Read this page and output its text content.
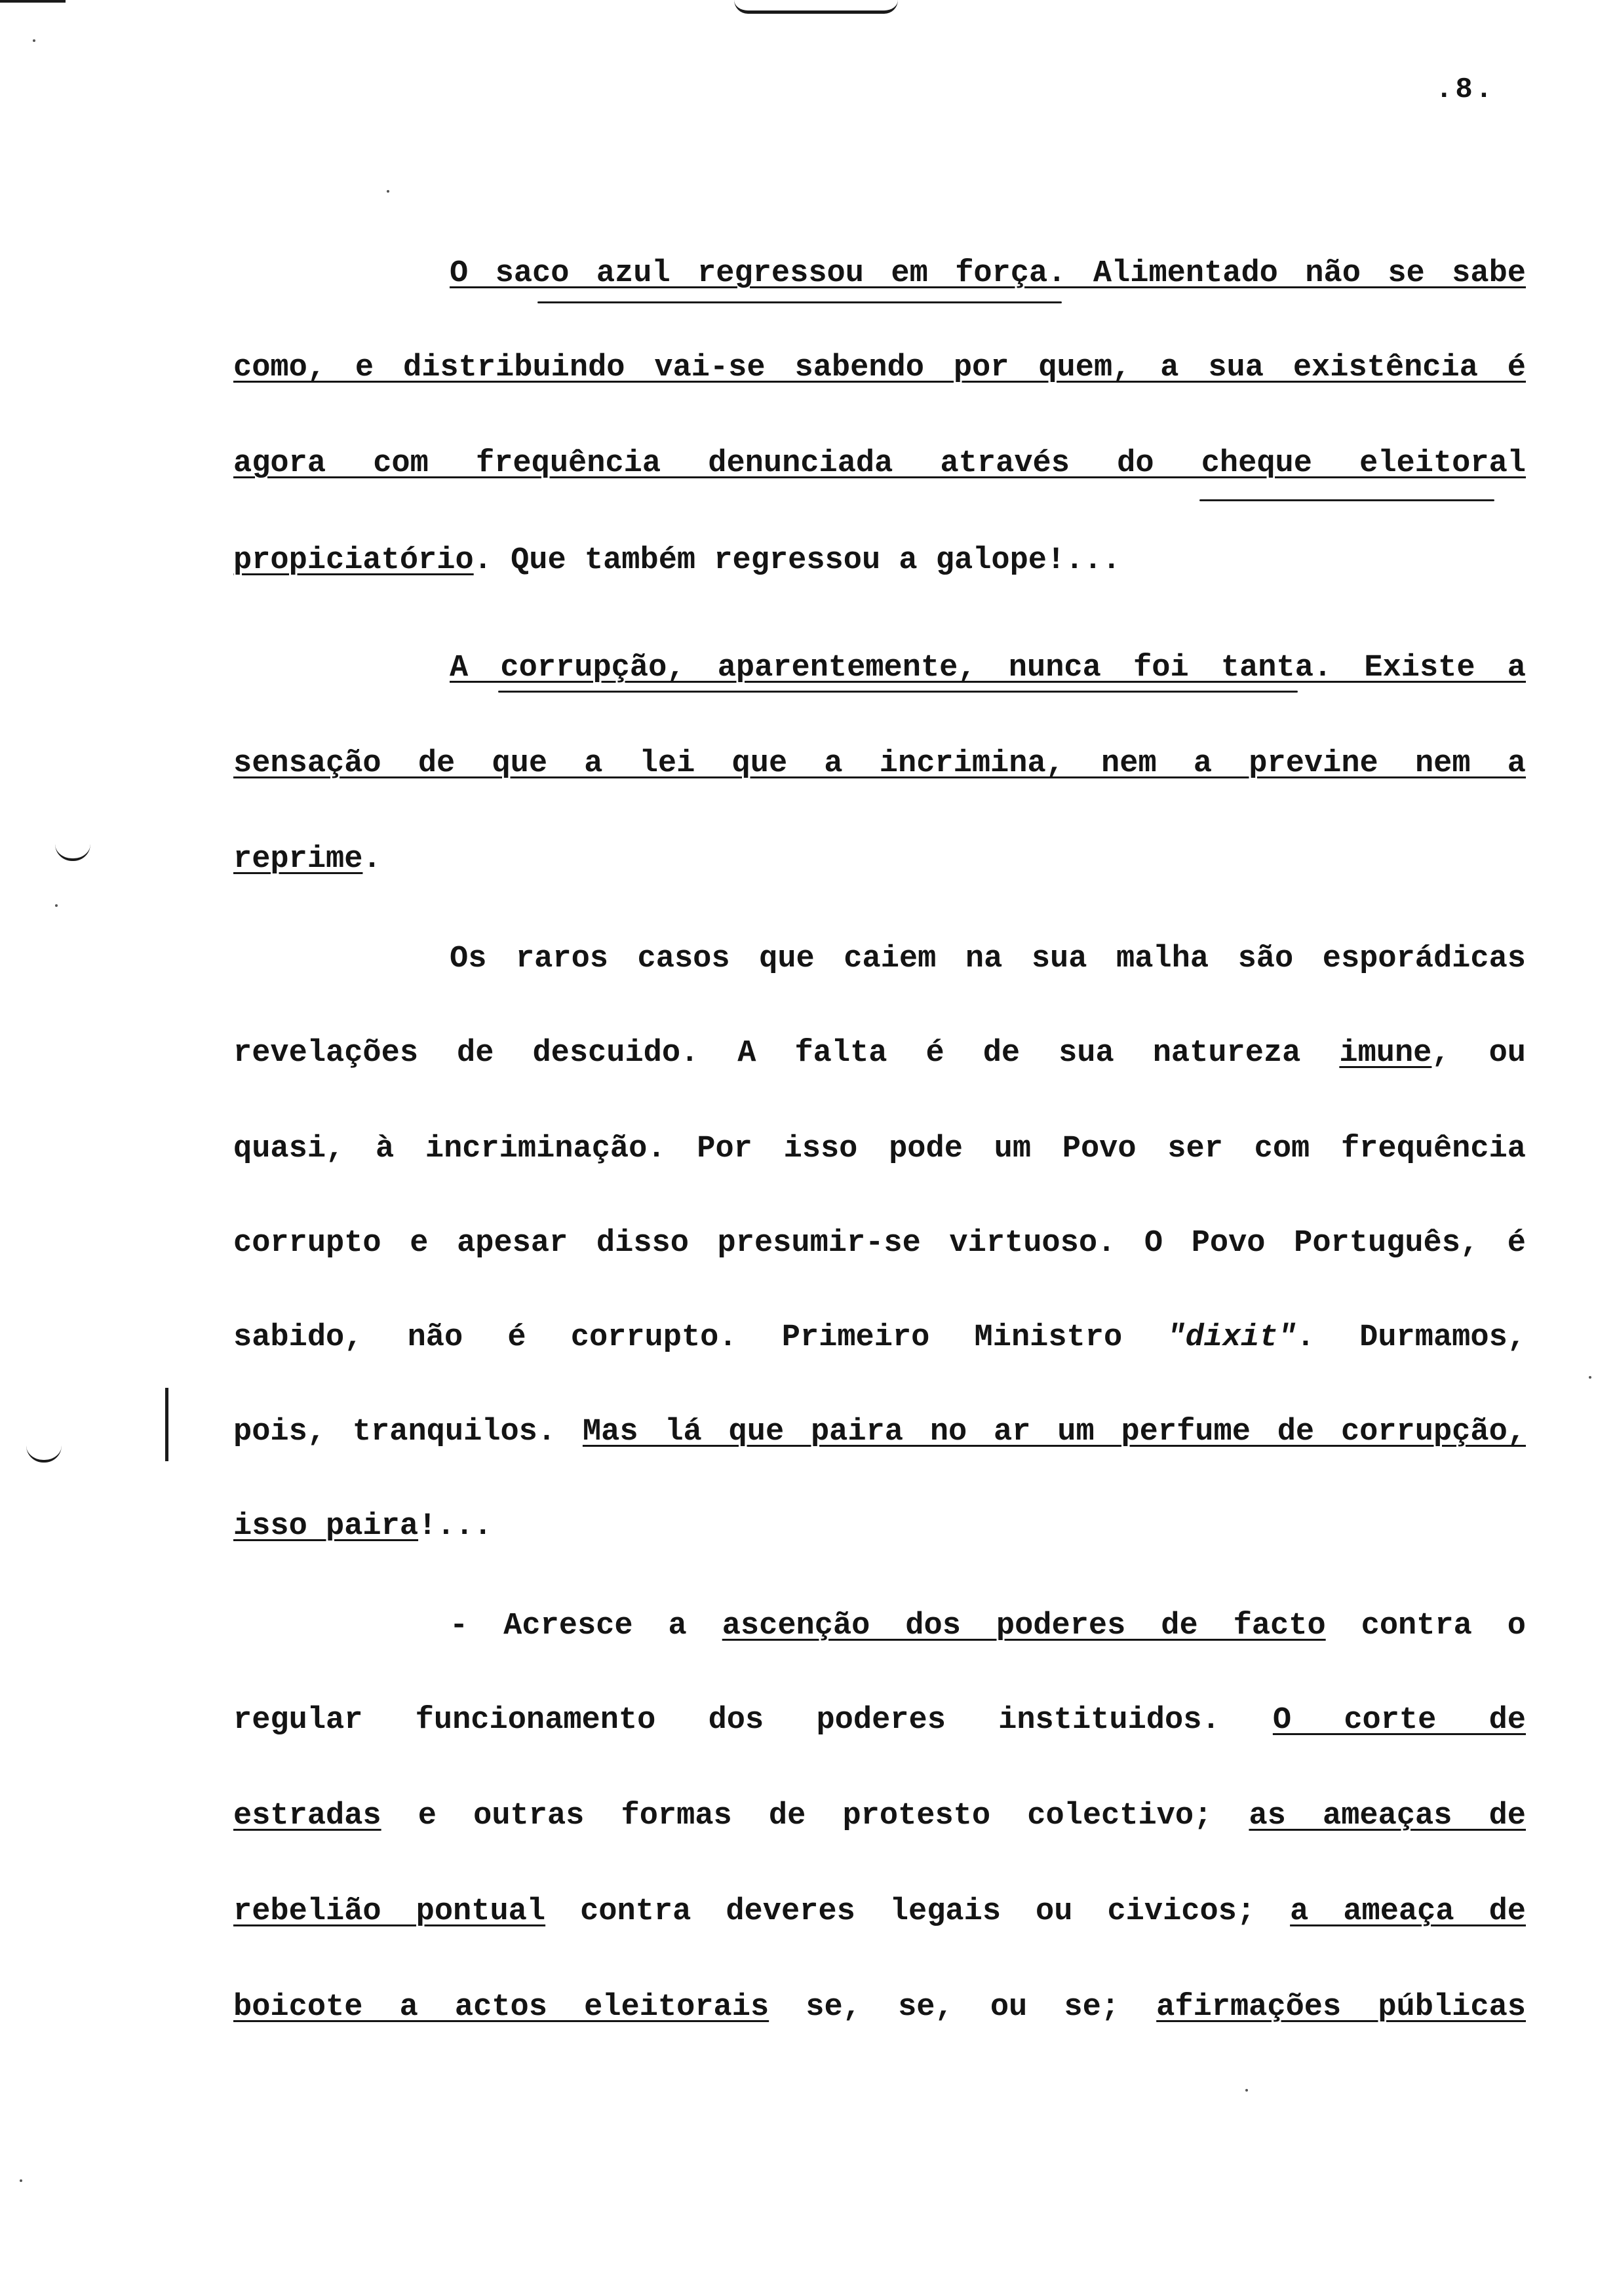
.8.
O saco azul regressou em força. Alimentado não se sabe
como, e distribuindo vai-se sabendo por quem, a sua existência é
agora com frequência denunciada através do cheque eleitoral
propiciatório. Que também regressou a galope!...
A corrupção, aparentemente, nunca foi tanta. Existe a
sensação de que a lei que a incrimina, nem a previne nem a
reprime.
Os raros casos que caiem na sua malha são esporádicas
revelações de descuido. A falta é de sua natureza imune, ou
quasi, à incriminação. Por isso pode um Povo ser com frequência
corrupto e apesar disso presumir-se virtuoso. O Povo Português, é
sabido, não é corrupto. Primeiro Ministro "dixit". Durmamos,
pois, tranquilos. Mas lá que paira no ar um perfume de corrupção,
isso paira!...
- Acresce a ascenção dos poderes de facto contra o
regular funcionamento dos poderes instituidos. O corte de
estradas e outras formas de protesto colectivo; as ameaças de
rebelião pontual contra deveres legais ou civicos; a ameaça de
boicote a actos eleitorais se, se, ou se; afirmações públicas
